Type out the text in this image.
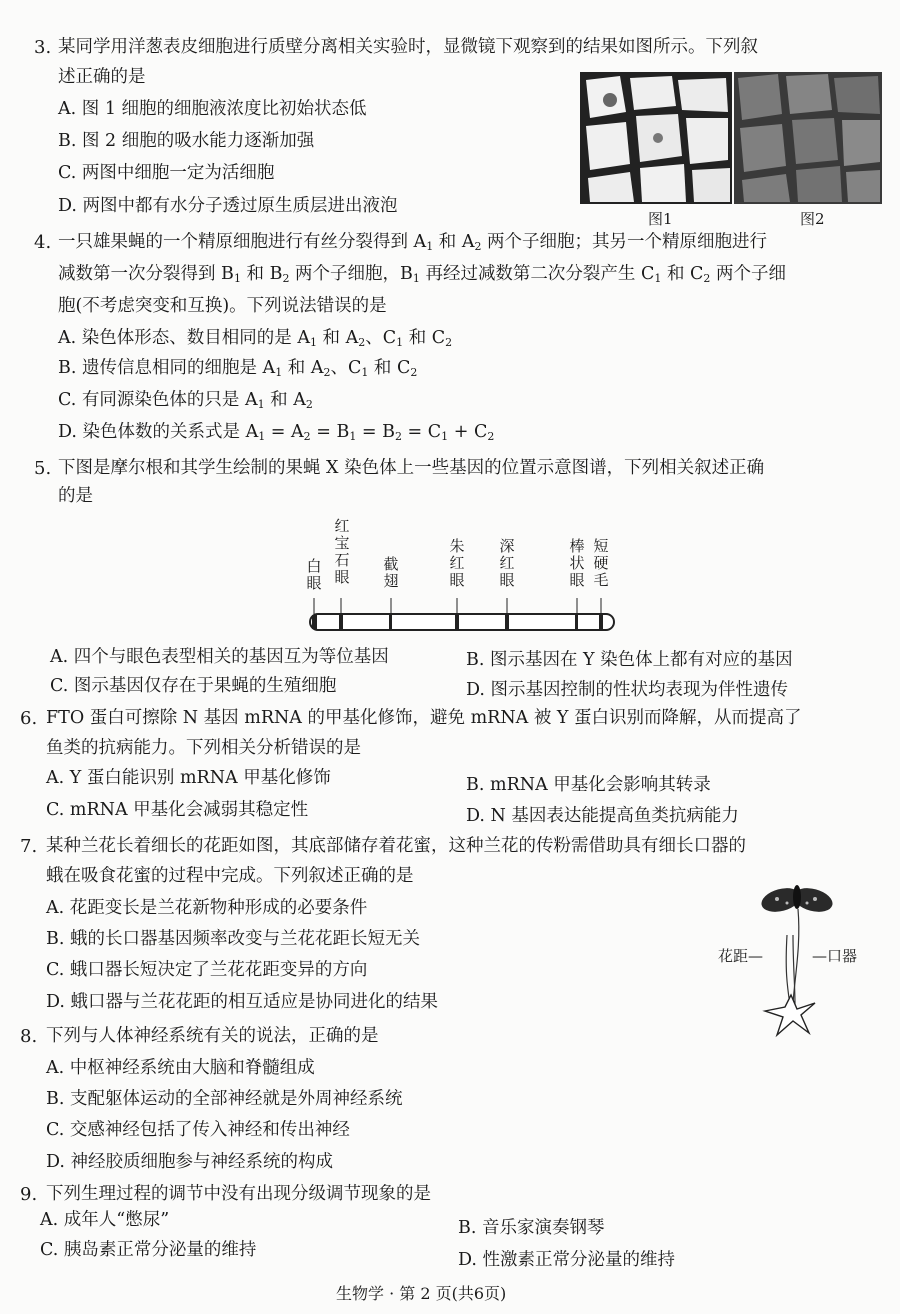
3. 某同学用洋葱表皮细胞进行质壁分离相关实验时，显微镜下观察到的结果如图所示。下列叙
述正确的是
A. 图 1 细胞的细胞液浓度比初始状态低
B. 图 2 细胞的吸水能力逐渐加强
C. 两图中细胞一定为活细胞
D. 两图中都有水分子透过原生质层进出液泡
图1	图2
4. 一只雄果蝇的一个精原细胞进行有丝分裂得到 $A_1$ 和 $A_2$ 两个子细胞；其另一个精原细胞进行
减数第一次分裂得到 $B_1$ 和 $B_2$ 两个子细胞，$B_1$ 再经过减数第二次分裂产生 $C_1$ 和 $C_2$ 两个子细
胞(不考虑突变和互换)。下列说法错误的是
A. 染色体形态、数目相同的是 $A_1$ 和 $A_2$、$C_1$ 和 $C_2$
B. 遗传信息相同的细胞是 $A_1$ 和 $A_2$、$C_1$ 和 $C_2$
C. 有同源染色体的只是 $A_1$ 和 $A_2$
D. 染色体数的关系式是 $A_1 = A_2 = B_1 = B_2 = C_1 + C_2$
5. 下图是摩尔根和其学生绘制的果蝇 X 染色体上一些基因的位置示意图谱，下列相关叙述正确
的是
白眼
红宝石眼
截翅
朱红眼
深红眼
棒状眼
短硬毛
A. 四个与眼色表型相关的基因互为等位基因	B. 图示基因在 Y 染色体上都有对应的基因
C. 图示基因仅存在于果蝇的生殖细胞	D. 图示基因控制的性状均表现为伴性遗传
6. FTO 蛋白可擦除 N 基因 mRNA 的甲基化修饰，避免 mRNA 被 Y 蛋白识别而降解，从而提高了
鱼类的抗病能力。下列相关分析错误的是
A. Y 蛋白能识别 mRNA 甲基化修饰	B. mRNA 甲基化会影响其转录
C. mRNA 甲基化会减弱其稳定性	D. N 基因表达能提高鱼类抗病能力
7. 某种兰花长着细长的花距如图，其底部储存着花蜜，这种兰花的传粉需借助具有细长口器的
蛾在吸食花蜜的过程中完成。下列叙述正确的是
A. 花距变长是兰花新物种形成的必要条件
B. 蛾的长口器基因频率改变与兰花花距长短无关
C. 蛾口器长短决定了兰花花距变异的方向
D. 蛾口器与兰花花距的相互适应是协同进化的结果
花距—	—口器
8. 下列与人体神经系统有关的说法，正确的是
A. 中枢神经系统由大脑和脊髓组成
B. 支配躯体运动的全部神经就是外周神经系统
C. 交感神经包括了传入神经和传出神经
D. 神经胶质细胞参与神经系统的构成
9. 下列生理过程的调节中没有出现分级调节现象的是
A. 成年人“憋尿”	B. 音乐家演奏钢琴
C. 胰岛素正常分泌量的维持	D. 性激素正常分泌量的维持
生物学 · 第 2 页(共6页)
